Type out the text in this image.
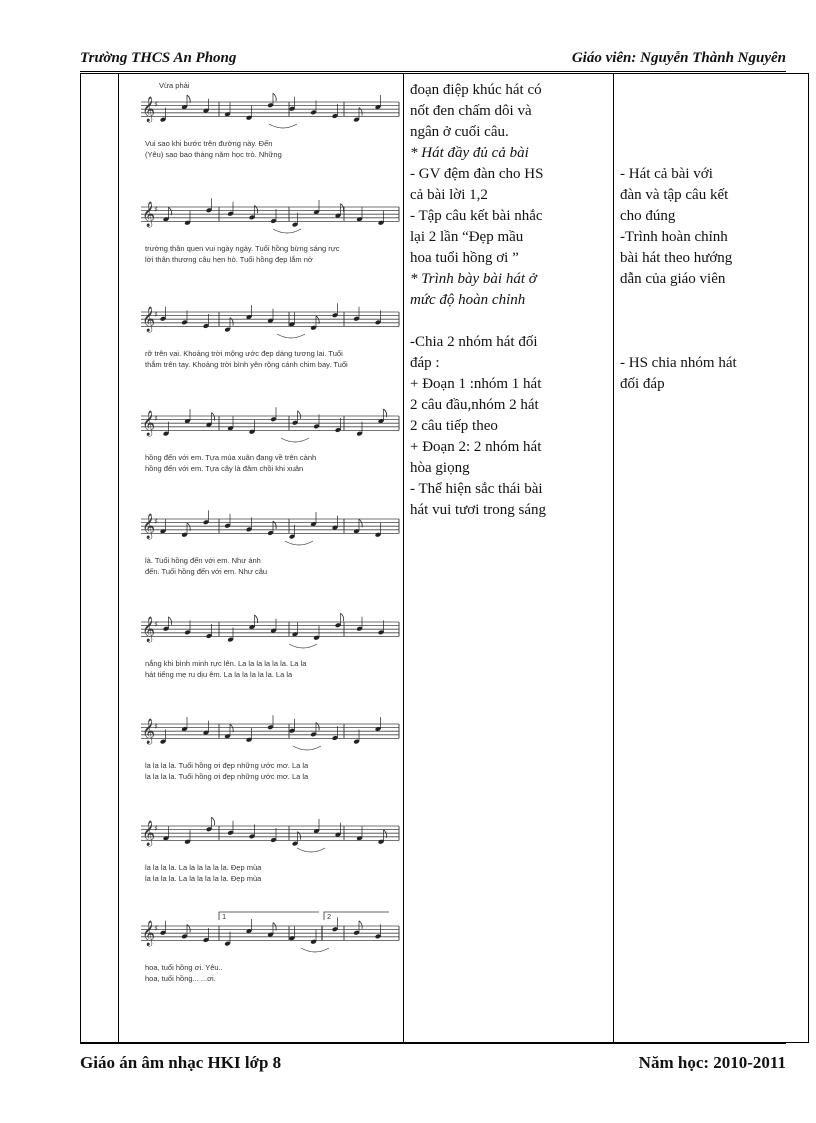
Trường THCS An Phong	Giáo viên: Nguyễn Thành Nguyên

Vừa phải
𝄞
♯
Vui sao khi bước trên đường này. Đến
(Yêu) sao bao tháng năm học trò. Những
𝄞
♯
trường thân quen vui ngày ngày. Tuổi hồng bừng sáng rực
lời thân thương câu hẹn hò. Tuổi hồng đẹp lắm nở
𝄞
♯
rỡ trên vai. Khoảng trời mộng ước đẹp dáng tương lai. Tuổi
thắm trên tay. Khoảng trời bình yên rộng cánh chim bay. Tuổi
𝄞
♯
hồng đến với em. Tựa mùa xuân đang về trên cành
hồng đến với em. Tựa cây là đâm chồi khi xuân
𝄞
♯
là. Tuổi hồng đến với em. Như ánh
đến. Tuổi hồng đến với em. Như câu
𝄞
♯
nắng khi bình minh rực lên. La la la la la la. La la
hát tiếng mẹ ru dịu êm. La la la la la la. La la
𝄞
♯
la la la la. Tuổi hồng ơi đẹp những ước mơ. La la
la la la la. Tuổi hồng ơi đẹp những ước mơ. La la
𝄞
♯
la la la la. La la la la la la. Đẹp mùa
la la la la. La la la la la la. Đẹp mùa
𝄞
♯
hoa, tuổi hồng ơi. Yêu..
hoa, tuổi hồng... ...ơi.
1	2

đoạn điệp khúc hát có
nốt đen chấm dôi và
ngân ở cuối câu.
* Hát đầy đủ cả bài
- GV đệm đàn cho HS
cả bài lời 1,2
- Tập câu kết bài nhắc
lại 2 lần “Đẹp mầu
hoa tuổi hồng ơi ”
* Trình bày bài hát ở
mức độ hoàn chỉnh
-Chia 2 nhóm hát đối
đáp :
+ Đoạn 1 :nhóm 1 hát
2 câu đầu,nhóm 2 hát
2 câu tiếp theo
+ Đoạn 2: 2 nhóm hát
hòa giọng
- Thể hiện sắc thái bài
hát vui tươi trong sáng

- Hát cả bài với
đàn và tập câu kết
cho đúng
-Trình hoàn chỉnh
bài hát theo hướng
dẫn của giáo viên
- HS chia nhóm hát
đối đáp
Giáo án âm nhạc HKI lớp 8	Năm học: 2010-2011
